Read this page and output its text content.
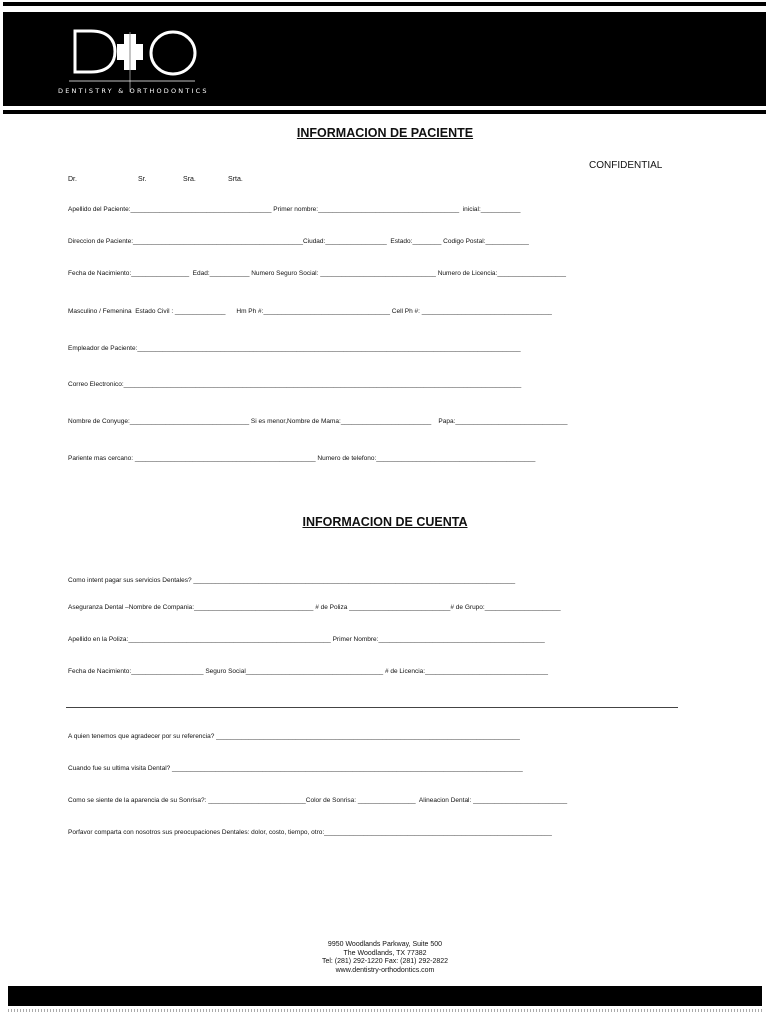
DENTISTRY & ORTHODONTICS
INFORMACION DE PACIENTE
CONFIDENTIAL
Dr.	Sr.	Sra.	Srta.
Apellido del Paciente:_______________________________________ Primer nombre:_______________________________________  inicial:___________
Direccion de Paciente:_______________________________________________Ciudad:_________________  Estado:________ Codigo Postal:____________
Fecha de Nacimiento:________________  Edad:___________ Numero Seguro Social: ________________________________ Numero de Licencia:___________________
Masculino / Femenina  Estado Civil : ______________      Hm Ph #:___________________________________ Cell Ph #: ____________________________________
Empleador de Paciente:__________________________________________________________________________________________________________
Correo Electronico:______________________________________________________________________________________________________________
Nombre de Conyuge:_________________________________ Si es menor,Nombre de Mama:_________________________    Papa:_______________________________
Pariente mas cercano: __________________________________________________ Numero de telefono:____________________________________________
INFORMACION DE CUENTA
Como intent pagar sus servicios Dentales? _________________________________________________________________________________________
Aseguranza Dental –Nombre de Compania:_________________________________ # de Poliza ____________________________# de Grupo:_____________________
Apellido en la Poliza:________________________________________________________ Primer Nombre:______________________________________________
Fecha de Nacimiento:____________________ Seguro Social______________________________________ # de Licencia:__________________________________
A quien tenemos que agradecer por su referencia? ____________________________________________________________________________________
Cuando fue su ultima visita Dental? _________________________________________________________________________________________________
Como se siente de la aparencia de su Sonrisa?: ___________________________Color de Sonrisa: ________________  Alineacion Dental: __________________________
Porfavor comparta con nosotros sus preocupaciones Dentales: dolor, costo, tiempo, otro:_______________________________________________________________
9950 Woodlands Parkway, Suite 500
The Woodlands, TX 77382
Tel: (281) 292-1220 Fax: (281) 292-2822
www.dentistry-orthodontics.com
